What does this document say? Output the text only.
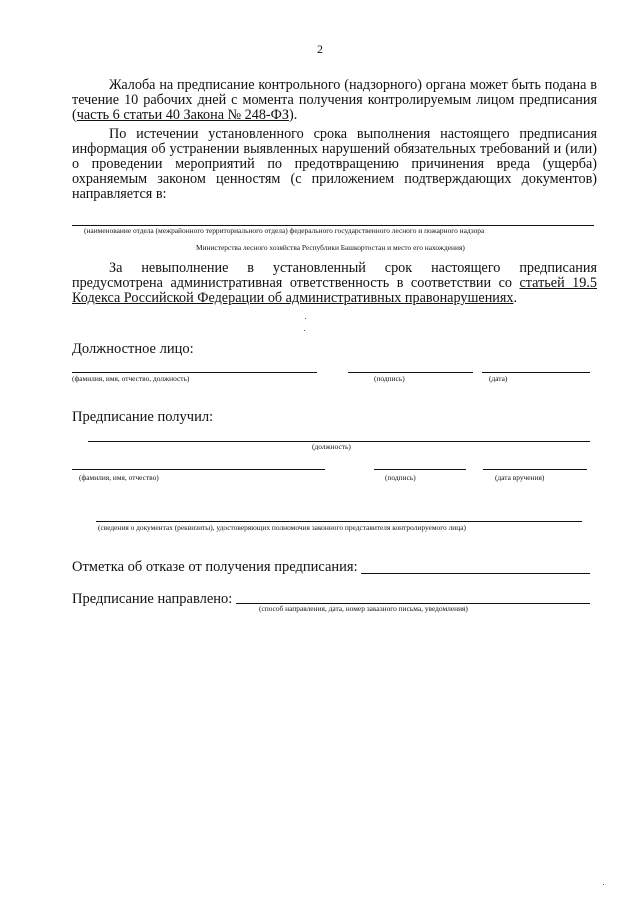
2

Жалоба на предписание контрольного (надзорного) органа может быть подана в течение 10 рабочих дней с момента получения контролируемым лицом предписания (часть 6 статьи 40 Закона № 248-ФЗ).

По истечении установленного срока выполнения настоящего предписания информация об устранении выявленных нарушений обязательных требований и (или) о проведении мероприятий по предотвращению причинения вреда (ущерба) охраняемым законом ценностям (с приложением подтверждающих документов) направляется в:

(наименование отдела (межрайонного территориального отдела) федерального государственного лесного и пожарного надзора
Министерства лесного хозяйства Республики Башкортостан и место его нахождения)

За невыполнение в установленный срок настоящего предписания предусмотрена административная ответственность в соответствии со статьей 19.5 Кодекса Российской Федерации об административных правонарушениях.

Должностное лицо:
(фамилия, имя, отчество, должность)	(подпись)	(дата)
Предписание получил:
(должность)
(фамилия, имя, отчество)	(подпись)	(дата вручения)
(сведения о документах (реквизиты), удостоверяющих полномочия законного представителя контролируемого лица)
Отметка об отказе от получения предписания:
Предписание направлено:
(способ направления, дата, номер заказного письма, уведомления)
